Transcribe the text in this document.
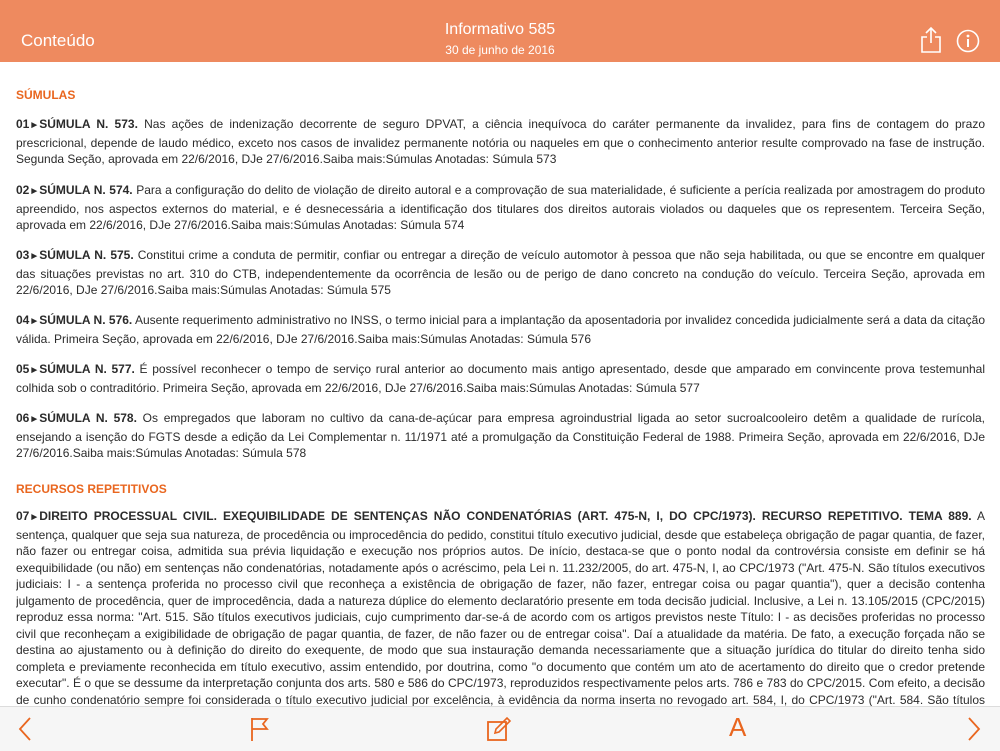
Conteúdo
Informativo 585
30 de junho de 2016
SÚMULAS

01►SÚMULA N. 573. Nas ações de indenização decorrente de seguro DPVAT, a ciência inequívoca do caráter permanente da invalidez, para fins de contagem do prazo prescricional, depende de laudo médico, exceto nos casos de invalidez permanente notória ou naqueles em que o conhecimento anterior resulte comprovado na fase de instrução. Segunda Seção, aprovada em 22/6/2016, DJe 27/6/2016.Saiba mais:Súmulas Anotadas: Súmula 573

02►SÚMULA N. 574. Para a configuração do delito de violação de direito autoral e a comprovação de sua materialidade, é suficiente a perícia realizada por amostragem do produto apreendido, nos aspectos externos do material, e é desnecessária a identificação dos titulares dos direitos autorais violados ou daqueles que os representem. Terceira Seção, aprovada em 22/6/2016, DJe 27/6/2016.Saiba mais:Súmulas Anotadas: Súmula 574

03►SÚMULA N. 575. Constitui crime a conduta de permitir, confiar ou entregar a direção de veículo automotor à pessoa que não seja habilitada, ou que se encontre em qualquer das situações previstas no art. 310 do CTB, independentemente da ocorrência de lesão ou de perigo de dano concreto na condução do veículo. Terceira Seção, aprovada em 22/6/2016, DJe 27/6/2016.Saiba mais:Súmulas Anotadas: Súmula 575

04►SÚMULA N. 576. Ausente requerimento administrativo no INSS, o termo inicial para a implantação da aposentadoria por invalidez concedida judicialmente será a data da citação válida. Primeira Seção, aprovada em 22/6/2016, DJe 27/6/2016.Saiba mais:Súmulas Anotadas: Súmula 576

05►SÚMULA N. 577. É possível reconhecer o tempo de serviço rural anterior ao documento mais antigo apresentado, desde que amparado em convincente prova testemunhal colhida sob o contraditório. Primeira Seção, aprovada em 22/6/2016, DJe 27/6/2016.Saiba mais:Súmulas Anotadas: Súmula 577

06►SÚMULA N. 578. Os empregados que laboram no cultivo da cana-de-açúcar para empresa agroindustrial ligada ao setor sucroalcooleiro detêm a qualidade de rurícola, ensejando a isenção do FGTS desde a edição da Lei Complementar n. 11/1971 até a promulgação da Constituição Federal de 1988. Primeira Seção, aprovada em 22/6/2016, DJe 27/6/2016.Saiba mais:Súmulas Anotadas: Súmula 578

RECURSOS REPETITIVOS

07►DIREITO PROCESSUAL CIVIL. EXEQUIBILIDADE DE SENTENÇAS NÃO CONDENATÓRIAS (ART. 475-N, I, DO CPC/1973). RECURSO REPETITIVO. TEMA 889. A sentença, qualquer que seja sua natureza, de procedência ou improcedência do pedido, constitui título executivo judicial, desde que estabeleça obrigação de pagar quantia, de fazer, não fazer ou entregar coisa, admitida sua prévia liquidação e execução nos próprios autos. De início, destaca-se que o ponto nodal da controvérsia consiste em definir se há exequibilidade (ou não) em sentenças não condenatórias, notadamente após o acréscimo, pela Lei n. 11.232/2005, do art. 475-N, I, ao CPC/1973 ("Art. 475-N. São títulos executivos judiciais: I - a sentença proferida no processo civil que reconheça a existência de obrigação de fazer, não fazer, entregar coisa ou pagar quantia"), quer a decisão contenha julgamento de procedência, quer de improcedência, dada a natureza dúplice do elemento declaratório presente em toda decisão judicial. Inclusive, a Lei n. 13.105/2015 (CPC/2015) reproduz essa norma: "Art. 515. São títulos executivos judiciais, cujo cumprimento dar-se-á de acordo com os artigos previstos neste Título: I - as decisões proferidas no processo civil que reconheçam a exigibilidade de obrigação de pagar quantia, de fazer, de não fazer ou de entregar coisa". Daí a atualidade da matéria. De fato, a execução forçada não se destina ao ajustamento ou à definição do direito do exequente, de modo que sua instauração demanda necessariamente que a situação jurídica do titular do direito tenha sido completa e previamente reconhecida em título executivo, assim entendido, por doutrina, como "o documento que contém um ato de acertamento do direito que o credor pretende executar". É o que se dessume da interpretação conjunta dos arts. 580 e 586 do CPC/1973, reproduzidos respectivamente pelos arts. 786 e 783 do CPC/2015. Com efeito, a decisão de cunho condenatório sempre foi considerada o título executivo judicial por excelência, à evidência da norma inserta no revogado art. 584, I, do CPC/1973 ("Art. 584. São títulos

A
